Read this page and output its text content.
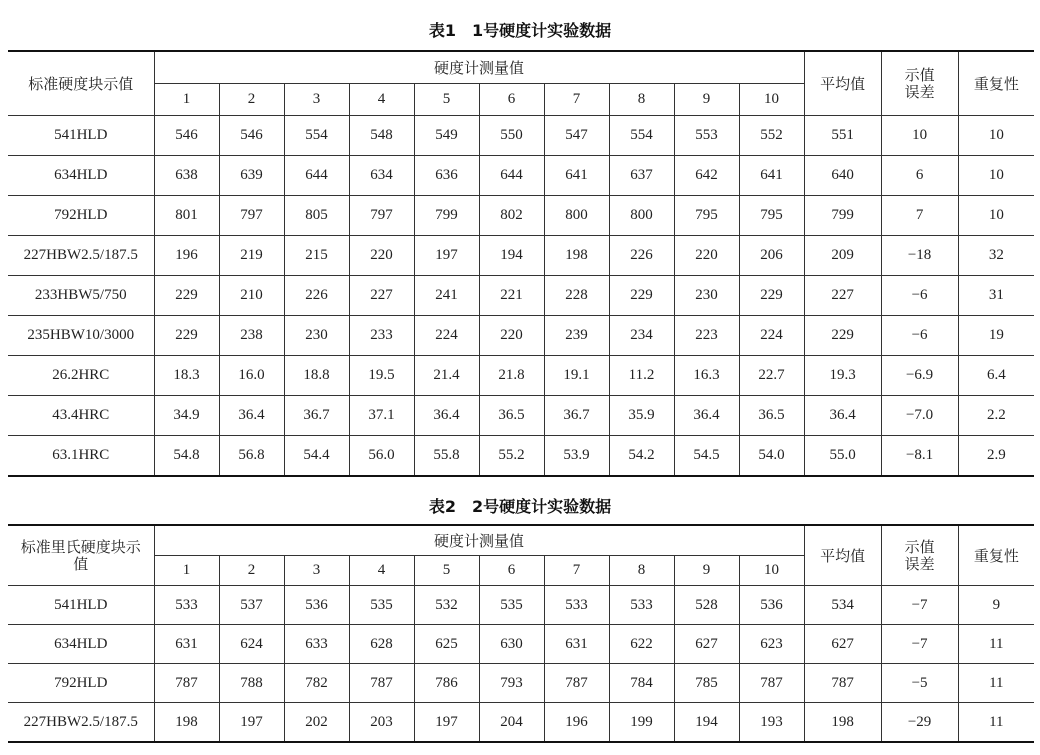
表1　1号硬度计实验数据
标准硬度块示值	硬度计测量值										平均值	示值误差	重复性
	1	2	3	4	5	6	7	8	9	10			
541HLD	546	546	554	548	549	550	547	554	553	552	551	10	10
634HLD	638	639	644	634	636	644	641	637	642	641	640	6	10
792HLD	801	797	805	797	799	802	800	800	795	795	799	7	10
227HBW2.5/187.5	196	219	215	220	197	194	198	226	220	206	209	−18	32
233HBW5/750	229	210	226	227	241	221	228	229	230	229	227	−6	31
235HBW10/3000	229	238	230	233	224	220	239	234	223	224	229	−6	19
26.2HRC	18.3	16.0	18.8	19.5	21.4	21.8	19.1	11.2	16.3	22.7	19.3	−6.9	6.4
43.4HRC	34.9	36.4	36.7	37.1	36.4	36.5	36.7	35.9	36.4	36.5	36.4	−7.0	2.2
63.1HRC	54.8	56.8	54.4	56.0	55.8	55.2	53.9	54.2	54.5	54.0	55.0	−8.1	2.9
表2　2号硬度计实验数据
标准里氏硬度块示值	硬度计测量值										平均值	示值误差	重复性
	1	2	3	4	5	6	7	8	9	10			
541HLD	533	537	536	535	532	535	533	533	528	536	534	−7	9
634HLD	631	624	633	628	625	630	631	622	627	623	627	−7	11
792HLD	787	788	782	787	786	793	787	784	785	787	787	−5	11
227HBW2.5/187.5	198	197	202	203	197	204	196	199	194	193	198	−29	11
